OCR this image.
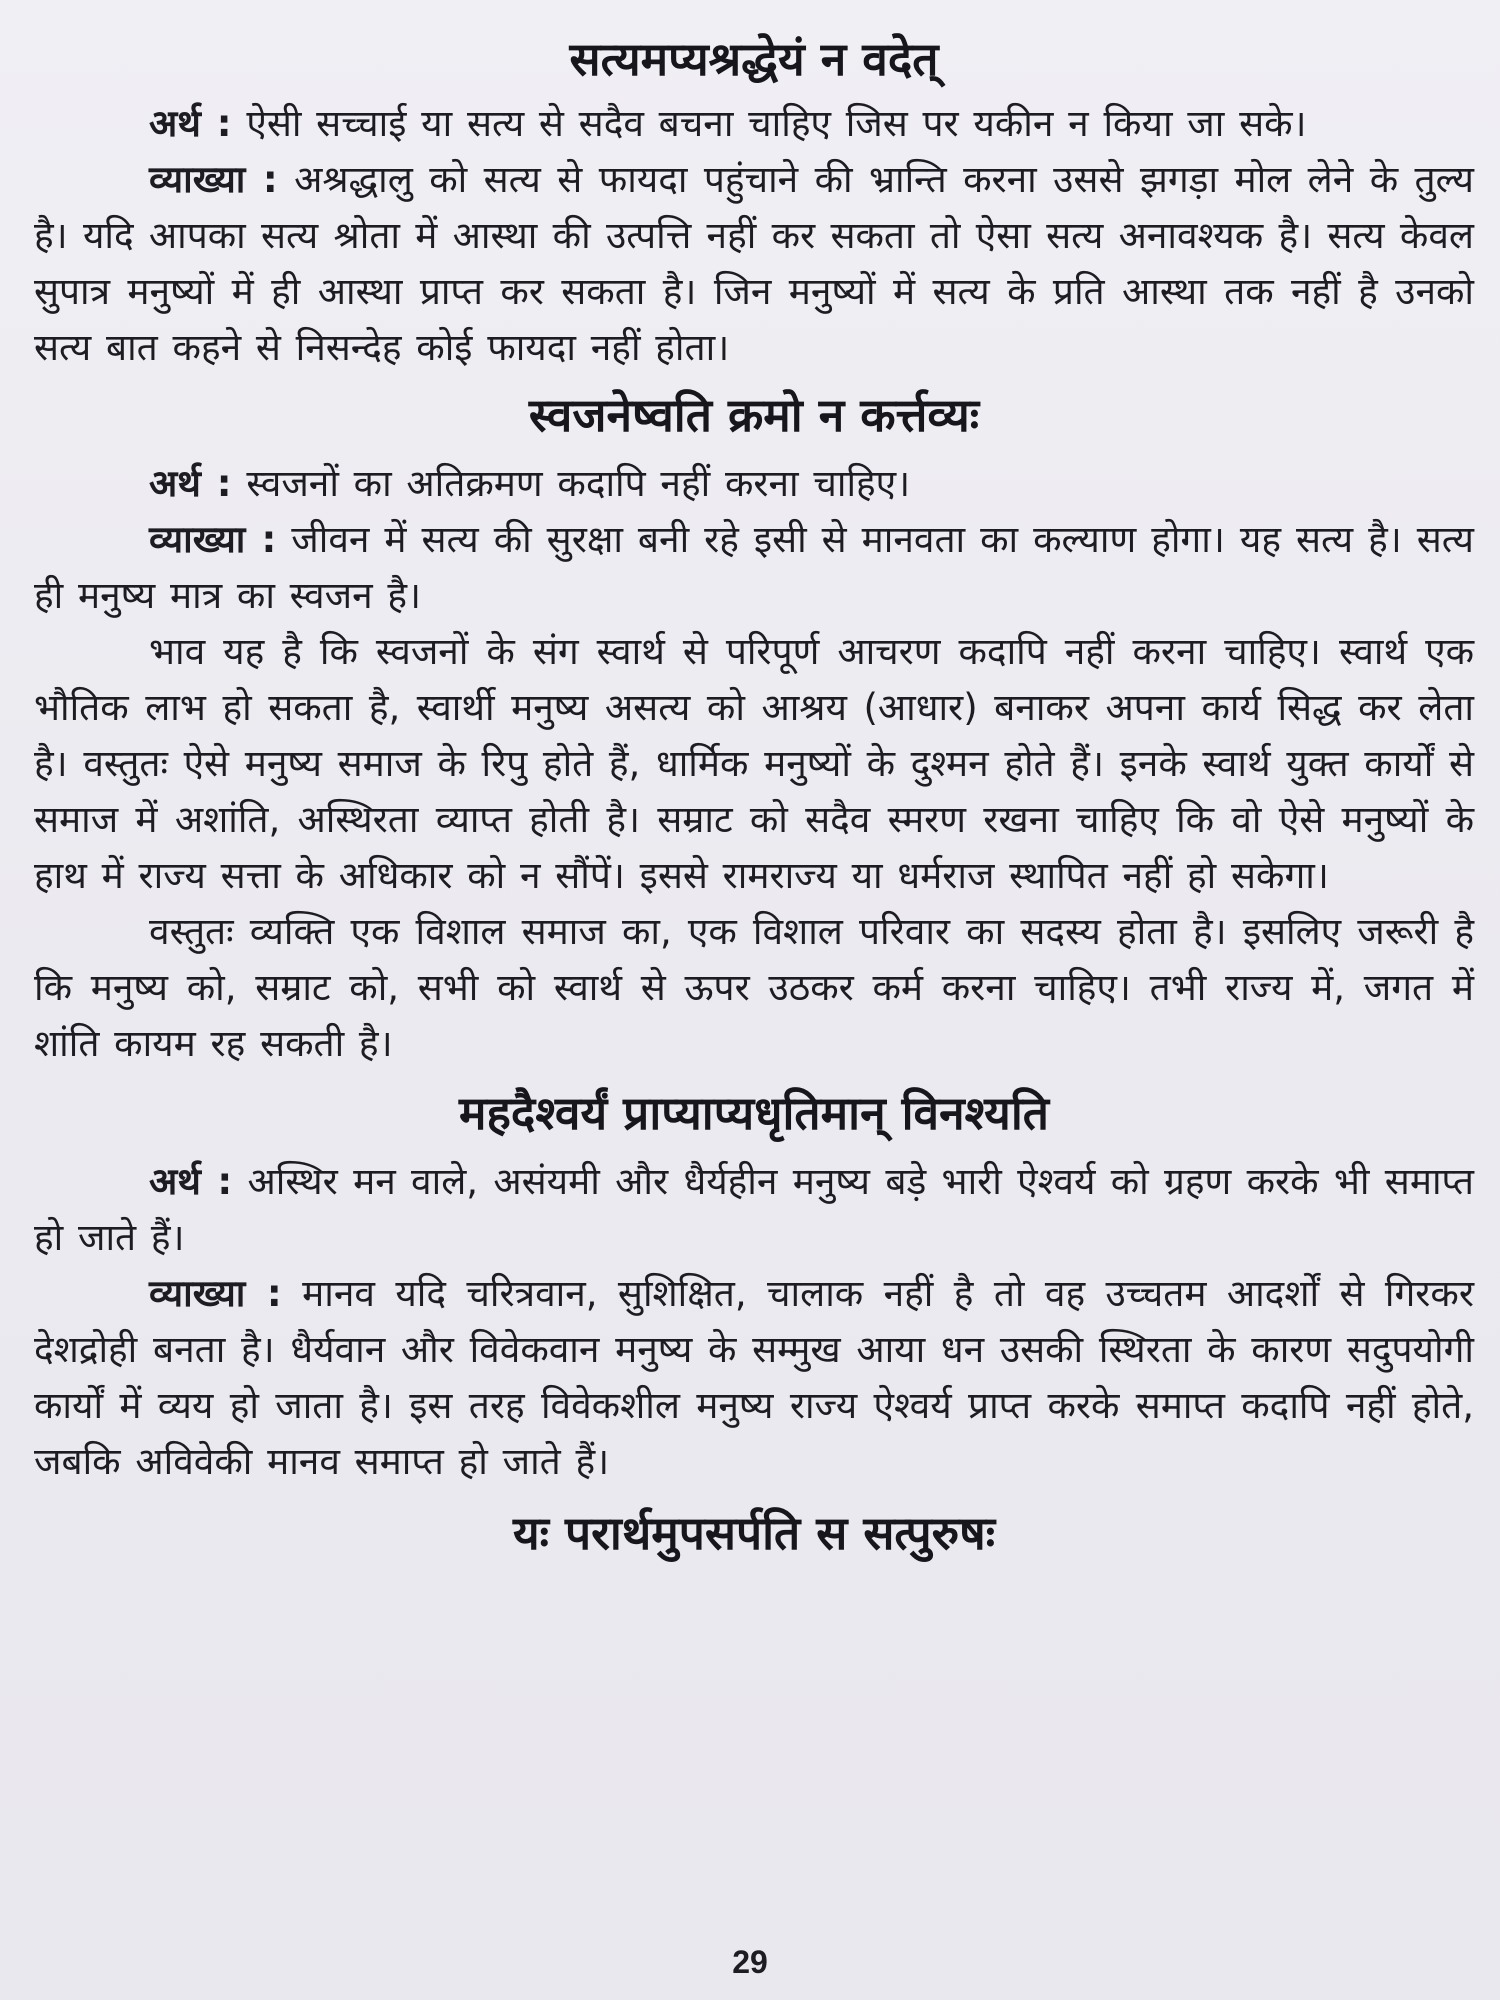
सत्यमप्यश्रद्धेयं न वदेत्

अर्थ : ऐसी सच्चाई या सत्य से सदैव बचना चाहिए जिस पर यकीन न किया जा सके।

व्याख्या : अश्रद्धालु को सत्य से फायदा पहुंचाने की भ्रान्ति करना उससे झगड़ा मोल लेने के तुल्य है। यदि आपका सत्य श्रोता में आस्था की उत्पत्ति नहीं कर सकता तो ऐसा सत्य अनावश्यक है। सत्य केवल सुपात्र मनुष्यों में ही आस्था प्राप्त कर सकता है। जिन मनुष्यों में सत्य के प्रति आस्था तक नहीं है उनको सत्य बात कहने से निसन्देह कोई फायदा नहीं होता।

स्वजनेष्वति क्रमो न कर्त्तव्यः

अर्थ : स्वजनों का अतिक्रमण कदापि नहीं करना चाहिए।

व्याख्या : जीवन में सत्य की सुरक्षा बनी रहे इसी से मानवता का कल्याण होगा। यह सत्य है। सत्य ही मनुष्य मात्र का स्वजन है।

भाव यह है कि स्वजनों के संग स्वार्थ से परिपूर्ण आचरण कदापि नहीं करना चाहिए। स्वार्थ एक भौतिक लाभ हो सकता है, स्वार्थी मनुष्य असत्य को आश्रय (आधार) बनाकर अपना कार्य सिद्ध कर लेता है। वस्तुतः ऐसे मनुष्य समाज के रिपु होते हैं, धार्मिक मनुष्यों के दुश्मन होते हैं। इनके स्वार्थ युक्त कार्यों से समाज में अशांति, अस्थिरता व्याप्त होती है। सम्राट को सदैव स्मरण रखना चाहिए कि वो ऐसे मनुष्यों के हाथ में राज्य सत्ता के अधिकार को न सौंपें। इससे रामराज्य या धर्मराज स्थापित नहीं हो सकेगा।

वस्तुतः व्यक्ति एक विशाल समाज का, एक विशाल परिवार का सदस्य होता है। इसलिए जरूरी है कि मनुष्य को, सम्राट को, सभी को स्वार्थ से ऊपर उठकर कर्म करना चाहिए। तभी राज्य में, जगत में शांति कायम रह सकती है।

महदैश्वर्यं प्राप्याप्यधृतिमान् विनश्यति

अर्थ : अस्थिर मन वाले, असंयमी और धैर्यहीन मनुष्य बड़े भारी ऐश्वर्य को ग्रहण करके भी समाप्त हो जाते हैं।

व्याख्या : मानव यदि चरित्रवान, सुशिक्षित, चालाक नहीं है तो वह उच्चतम आदर्शों से गिरकर देशद्रोही बनता है। धैर्यवान और विवेकवान मनुष्य के सम्मुख आया धन उसकी स्थिरता के कारण सदुपयोगी कार्यों में व्यय हो जाता है। इस तरह विवेकशील मनुष्य राज्य ऐश्वर्य प्राप्त करके समाप्त कदापि नहीं होते, जबकि अविवेकी मानव समाप्त हो जाते हैं।

यः परार्थमुपसर्पति स सत्पुरुषः
29
